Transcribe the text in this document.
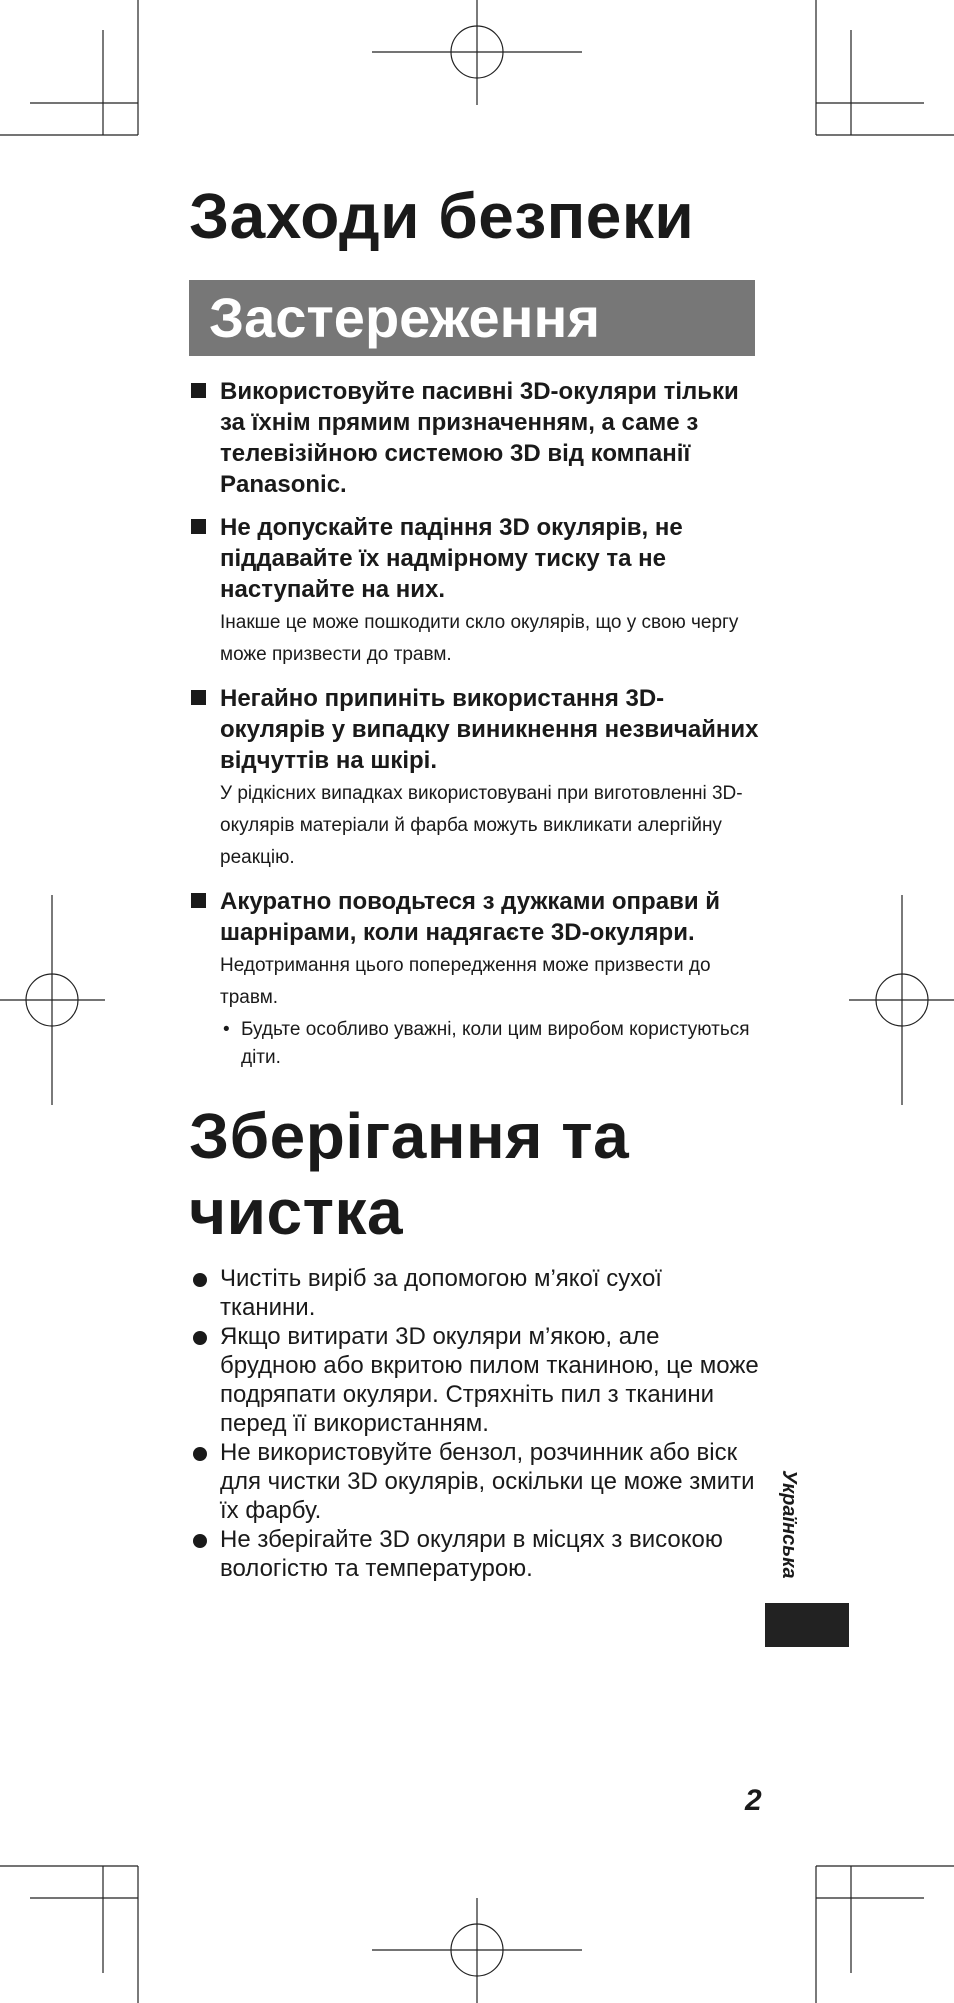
Заходи безпеки
Застереження
Використовуйте пасивні 3D-окуляри тільки за їхнім прямим призначенням, а саме з телевізійною системою 3D від компанії Panasonic.
Не допускайте падіння 3D окулярів, не піддавайте їх надмірному тиску та не наступайте на них.
Інакше це може пошкодити скло окулярів, що у свою чергу може призвести до травм.
Негайно припиніть використання 3D-окулярів у випадку виникнення незвичайних відчуттів на шкірі.
У рідкісних випадках використовувані при виготовленні 3D-окулярів матеріали й фарба можуть викликати алергійну реакцію.
Акуратно поводьтеся з дужками оправи й шарнірами, коли надягаєте 3D-окуляри.
Недотримання цього попередження може призвести до травм.
• Будьте особливо уважні, коли цим виробом користуються діти.
Зберігання та чистка
Чистіть виріб за допомогою м’якої сухої тканини.
Якщо витирати 3D окуляри м’якою, але брудною або вкритою пилом тканиною, це може подряпати окуляри. Стряхніть пил з тканини перед її використанням.
Не використовуйте бензол, розчинник або віск для чистки 3D окулярів, оскільки це може змити їх фарбу.
Не зберігайте 3D окуляри в місцях з високою вологістю та температурою.	Українська
2
